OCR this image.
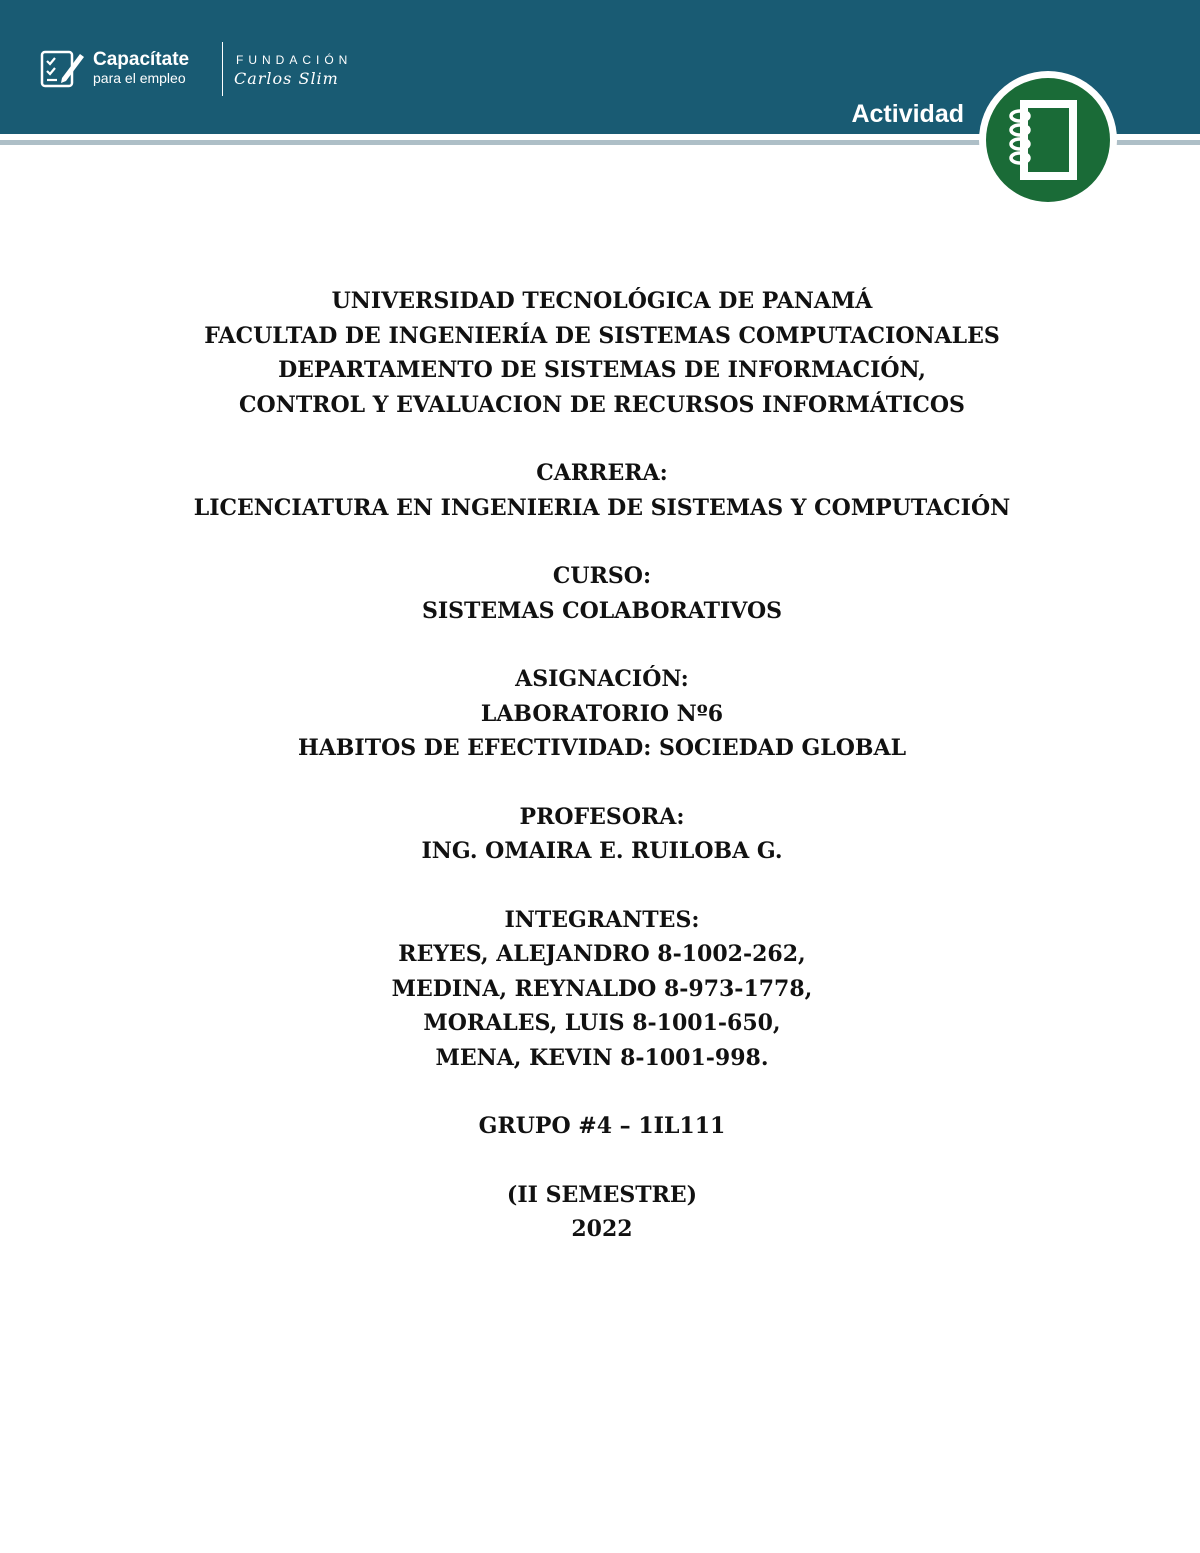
Capacítate
para el empleo
FUNDACIÓN
Carlos Slim
Actividad
UNIVERSIDAD TECNOLÓGICA DE PANAMÁ
FACULTAD DE INGENIERÍA DE SISTEMAS COMPUTACIONALES
DEPARTAMENTO DE SISTEMAS DE INFORMACIÓN,
CONTROL Y EVALUACION DE RECURSOS INFORMÁTICOS
CARRERA:
LICENCIATURA EN INGENIERIA DE SISTEMAS Y COMPUTACIÓN
CURSO:
SISTEMAS COLABORATIVOS
ASIGNACIÓN:
LABORATORIO Nº6
HABITOS DE EFECTIVIDAD: SOCIEDAD GLOBAL
PROFESORA:
ING. OMAIRA E. RUILOBA G.
INTEGRANTES:
REYES, ALEJANDRO 8-1002-262,
MEDINA, REYNALDO 8-973-1778,
MORALES, LUIS 8-1001-650,
MENA, KEVIN 8-1001-998.
GRUPO #4 – 1IL111
(II SEMESTRE)
2022
